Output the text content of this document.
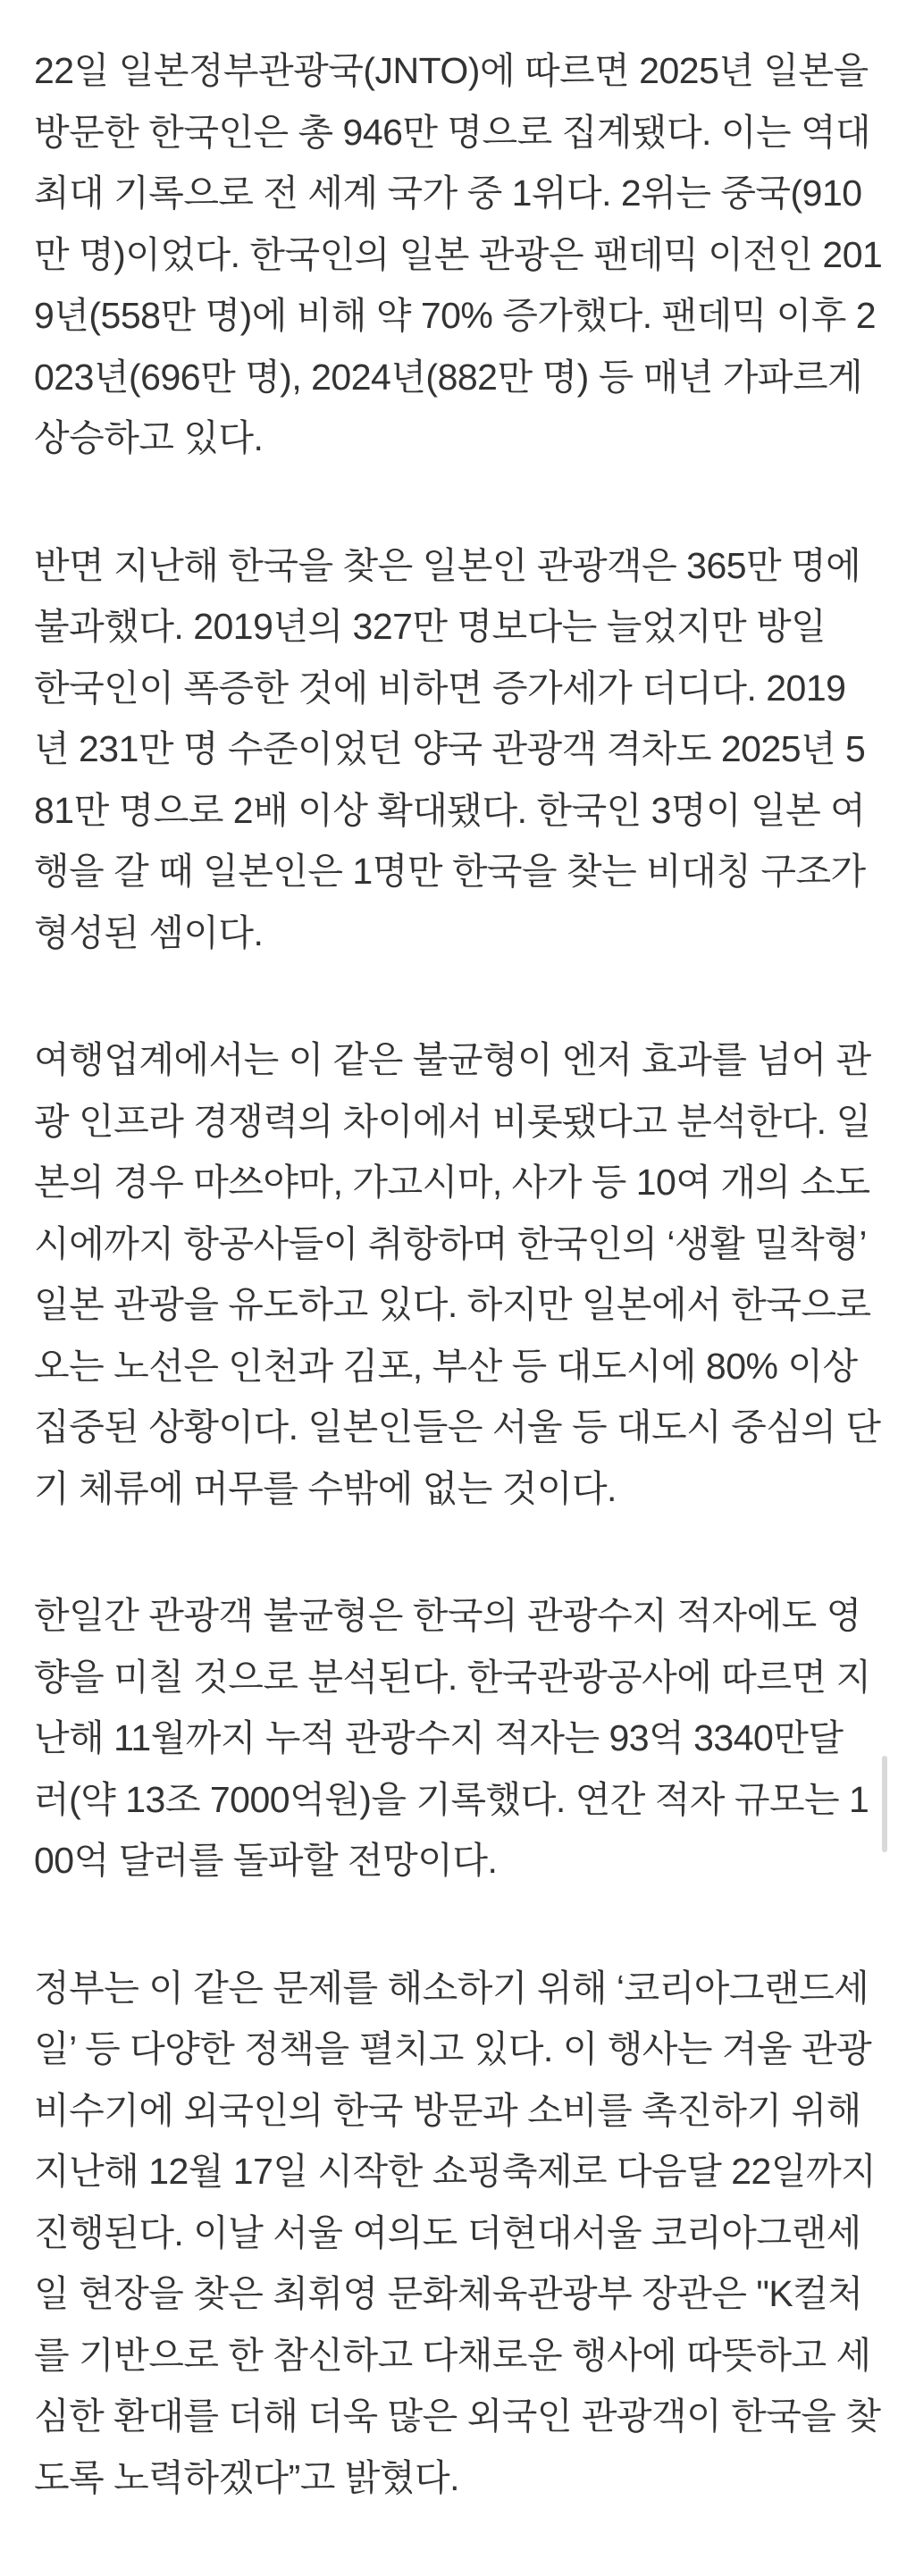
22일 일본정부관광국(JNTO)에 따르면 2025년 일본을
방문한 한국인은 총 946만 명으로 집계됐다. 이는 역대
최대 기록으로 전 세계 국가 중 1위다. 2위는 중국(910
만 명)이었다. 한국인의 일본 관광은 팬데믹 이전인 201
9년(558만 명)에 비해 약 70% 증가했다. 팬데믹 이후 2
023년(696만 명), 2024년(882만 명) 등 매년 가파르게
상승하고 있다.

반면 지난해 한국을 찾은 일본인 관광객은 365만 명에
불과했다. 2019년의 327만 명보다는 늘었지만 방일
한국인이 폭증한 것에 비하면 증가세가 더디다. 2019
년 231만 명 수준이었던 양국 관광객 격차도 2025년 5
81만 명으로 2배 이상 확대됐다. 한국인 3명이 일본 여
행을 갈 때 일본인은 1명만 한국을 찾는 비대칭 구조가
형성된 셈이다.

여행업계에서는 이 같은 불균형이 엔저 효과를 넘어 관
광 인프라 경쟁력의 차이에서 비롯됐다고 분석한다. 일
본의 경우 마쓰야마, 가고시마, 사가 등 10여 개의 소도
시에까지 항공사들이 취항하며 한국인의 ‘생활 밀착형’
일본 관광을 유도하고 있다. 하지만 일본에서 한국으로
오는 노선은 인천과 김포, 부산 등 대도시에 80% 이상
집중된 상황이다. 일본인들은 서울 등 대도시 중심의 단
기 체류에 머무를 수밖에 없는 것이다.

한일간 관광객 불균형은 한국의 관광수지 적자에도 영
향을 미칠 것으로 분석된다. 한국관광공사에 따르면 지
난해 11월까지 누적 관광수지 적자는 93억 3340만달
러(약 13조 7000억원)을 기록했다. 연간 적자 규모는 1
00억 달러를 돌파할 전망이다.

정부는 이 같은 문제를 해소하기 위해 ‘코리아그랜드세
일’ 등 다양한 정책을 펼치고 있다. 이 행사는 겨울 관광
비수기에 외국인의 한국 방문과 소비를 촉진하기 위해
지난해 12월 17일 시작한 쇼핑축제로 다음달 22일까지
진행된다. 이날 서울 여의도 더현대서울 코리아그랜세
일 현장을 찾은 최휘영 문화체육관광부 장관은 "K컬처
를 기반으로 한 참신하고 다채로운 행사에 따뜻하고 세
심한 환대를 더해 더욱 많은 외국인 관광객이 한국을 찾
도록 노력하겠다”고 밝혔다.
